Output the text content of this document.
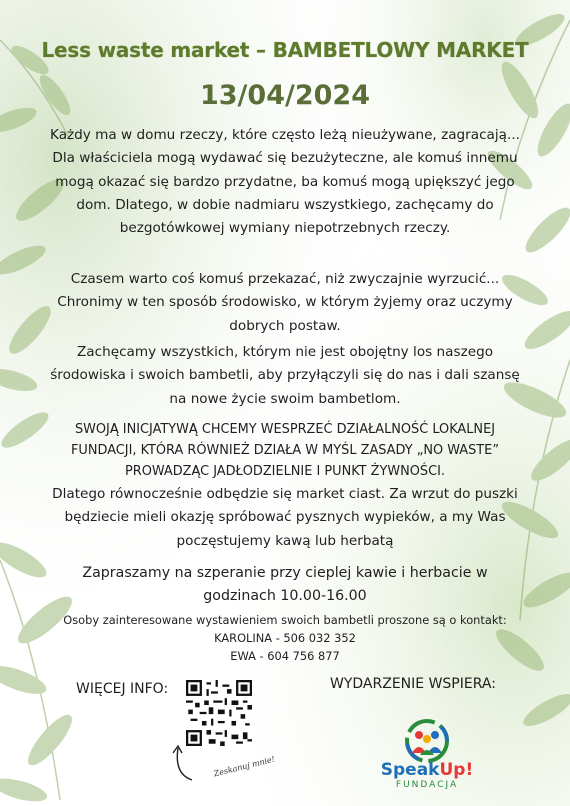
Less waste market – BAMBETLOWY MARKET
13/04/2024
Każdy ma w domu rzeczy, które często leżą nieużywane, zagracają... Dla właściciela mogą wydawać się bezużyteczne, ale komuś innemu mogą okazać się bardzo przydatne, ba komuś mogą upiększyć jego dom. Dlatego, w dobie nadmiaru wszystkiego, zachęcamy do bezgotówkowej wymiany niepotrzebnych rzeczy.
Czasem warto coś komuś przekazać, niż zwyczajnie wyrzucić... Chronimy w ten sposób środowisko, w którym żyjemy oraz uczymy dobrych postaw.
Zachęcamy wszystkich, którym nie jest obojętny los naszego środowiska i swoich bambetli, aby przyłączyli się do nas i dali szansę na nowe życie swoim bambetlom.
SWOJĄ INICJATYWĄ CHCEMY WESPRZEĆ DZIAŁALNOŚĆ LOKALNEJ FUNDACJI, KTÓRA RÓWNIEŻ DZIAŁA W MYŚL ZASADY „NO WASTE” PROWADZĄC JADŁODZIELNIE I PUNKT ŻYWNOŚCI.
Dlatego równocześnie odbędzie się market ciast. Za wrzut do puszki będziecie mieli okazję spróbować pysznych wypieków, a my Was poczęstujemy kawą lub herbatą
Zapraszamy na szperanie przy cieplej kawie i herbacie w godzinach 10.00-16.00
Osoby zainteresowane wystawieniem swoich bambetli proszone są o kontakt:
KAROLINA - 506 032 352
EWA - 604 756 877
WIĘCEJ INFO:
Zeskanuj mnie!
WYDARZENIE WSPIERA:
SpeakUp!
FUNDACJA
